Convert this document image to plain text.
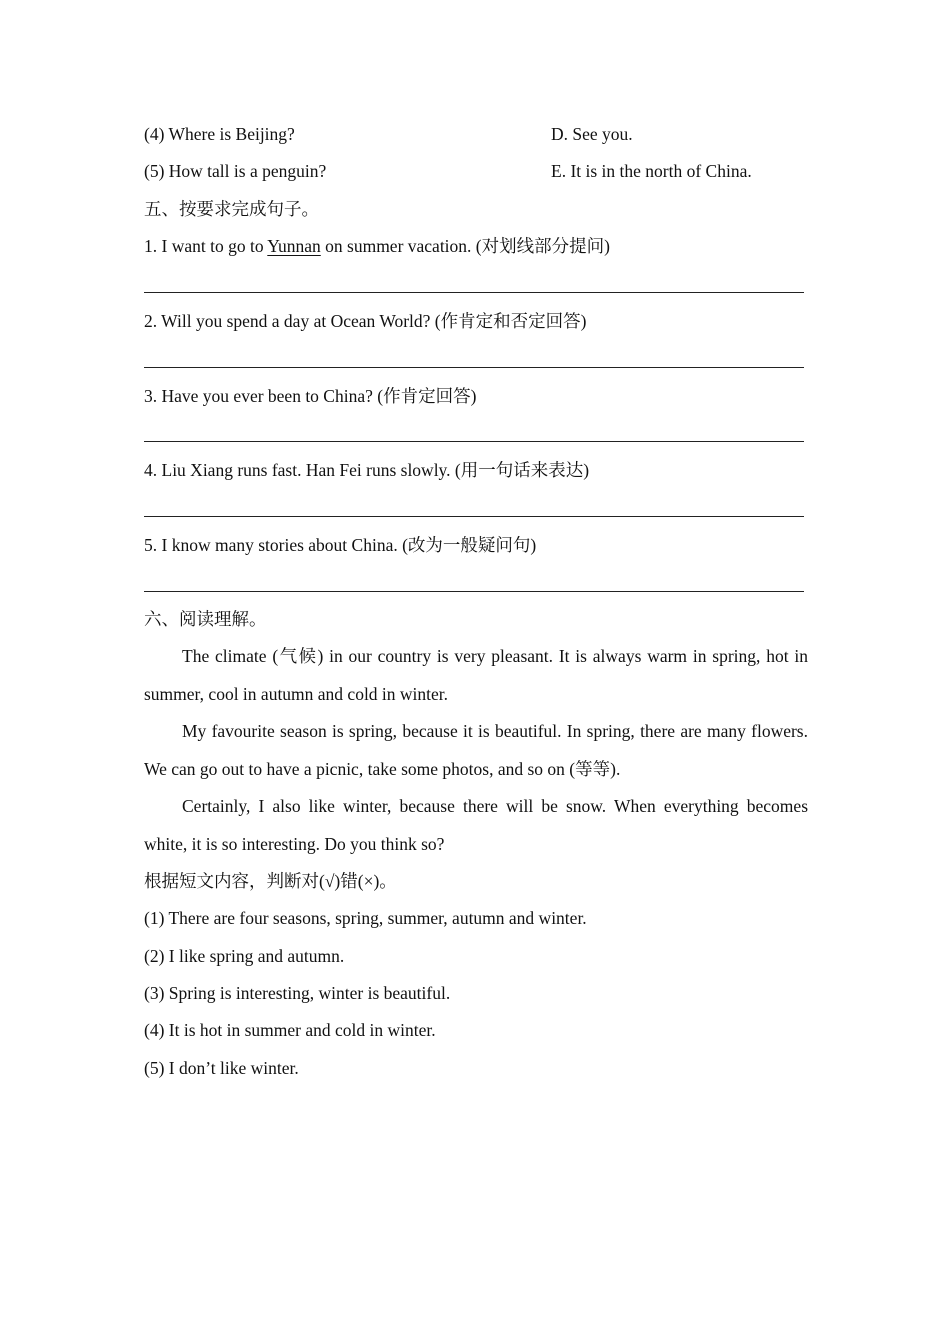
(4) Where is Beijing?	D. See you.
(5) How tall is a penguin?	E. It is in the north of China.
五、按要求完成句子。
1. I want to go to Yunnan on summer vacation. (对划线部分提问)
2. Will you spend a day at Ocean World? (作肯定和否定回答)
3. Have you ever been to China? (作肯定回答)
4. Liu Xiang runs fast. Han Fei runs slowly. (用一句话来表达)
5. I know many stories about China. (改为一般疑问句)
六、阅读理解。
The climate (气候) in our country is very pleasant. It is always warm in spring, hot in summer, cool in autumn and cold in winter.
My favourite season is spring, because it is beautiful. In spring, there are many flowers. We can go out to have a picnic, take some photos, and so on (等等).
Certainly, I also like winter, because there will be snow. When everything becomes white, it is so interesting. Do you think so?
根据短文内容，判断对(√)错(×)。
(1) There are four seasons, spring, summer, autumn and winter.
(2) I like spring and autumn.
(3) Spring is interesting, winter is beautiful.
(4) It is hot in summer and cold in winter.
(5) I don’t like winter.
